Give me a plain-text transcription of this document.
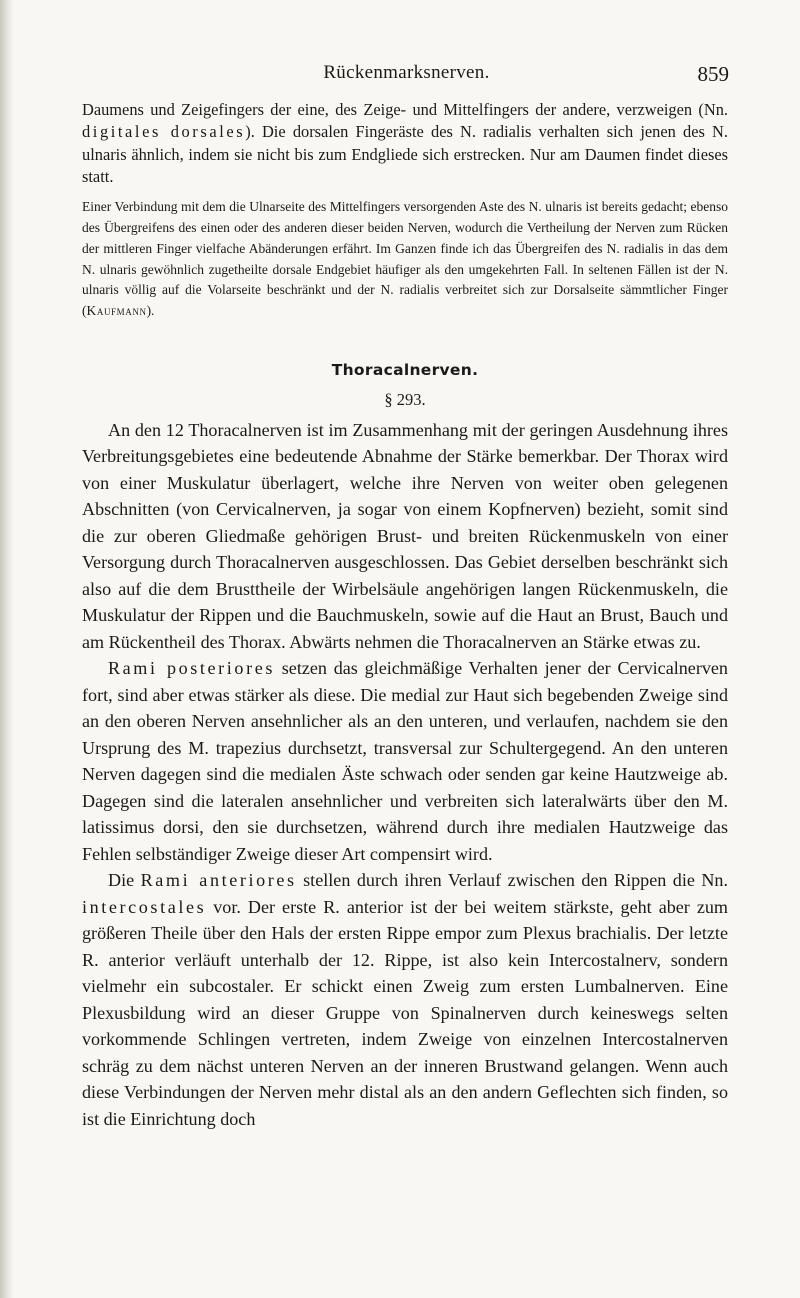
Rückenmarksnerven.	859

Daumens und Zeigefingers der eine, des Zeige- und Mittelfingers der andere, verzweigen (Nn. digitales dorsales). Die dorsalen Fingeräste des N. radialis verhalten sich jenen des N. ulnaris ähnlich, indem sie nicht bis zum Endgliede sich erstrecken. Nur am Daumen findet dieses statt.

Einer Verbindung mit dem die Ulnarseite des Mittelfingers versorgenden Aste des N. ulnaris ist bereits gedacht; ebenso des Übergreifens des einen oder des anderen dieser beiden Nerven, wodurch die Vertheilung der Nerven zum Rücken der mittleren Finger vielfache Abänderungen erfährt. Im Ganzen finde ich das Übergreifen des N. radialis in das dem N. ulnaris gewöhnlich zugetheilte dorsale Endgebiet häufiger als den umgekehrten Fall. In seltenen Fällen ist der N. ulnaris völlig auf die Volarseite beschränkt und der N. radialis verbreitet sich zur Dorsalseite sämmtlicher Finger (Kaufmann).

Thoracalnerven.
§ 293.

An den 12 Thoracalnerven ist im Zusammenhang mit der geringen Ausdehnung ihres Verbreitungsgebietes eine bedeutende Abnahme der Stärke bemerkbar. Der Thorax wird von einer Muskulatur überlagert, welche ihre Nerven von weiter oben gelegenen Abschnitten (von Cervicalnerven, ja sogar von einem Kopfnerven) bezieht, somit sind die zur oberen Gliedmaße gehörigen Brust- und breiten Rückenmuskeln von einer Versorgung durch Thoracalnerven ausgeschlossen. Das Gebiet derselben beschränkt sich also auf die dem Brusttheile der Wirbelsäule angehörigen langen Rückenmuskeln, die Muskulatur der Rippen und die Bauchmuskeln, sowie auf die Haut an Brust, Bauch und am Rückentheil des Thorax. Abwärts nehmen die Thoracalnerven an Stärke etwas zu.

Rami posteriores setzen das gleichmäßige Verhalten jener der Cervicalnerven fort, sind aber etwas stärker als diese. Die medial zur Haut sich begebenden Zweige sind an den oberen Nerven ansehnlicher als an den unteren, und verlaufen, nachdem sie den Ursprung des M. trapezius durchsetzt, transversal zur Schultergegend. An den unteren Nerven dagegen sind die medialen Äste schwach oder senden gar keine Hautzweige ab. Dagegen sind die lateralen ansehnlicher und verbreiten sich lateralwärts über den M. latissimus dorsi, den sie durchsetzen, während durch ihre medialen Hautzweige das Fehlen selbständiger Zweige dieser Art compensirt wird.

Die Rami anteriores stellen durch ihren Verlauf zwischen den Rippen die Nn. intercostales vor. Der erste R. anterior ist der bei weitem stärkste, geht aber zum größeren Theile über den Hals der ersten Rippe empor zum Plexus brachialis. Der letzte R. anterior verläuft unterhalb der 12. Rippe, ist also kein Intercostalnerv, sondern vielmehr ein subcostaler. Er schickt einen Zweig zum ersten Lumbalnerven. Eine Plexusbildung wird an dieser Gruppe von Spinalnerven durch keineswegs selten vorkommende Schlingen vertreten, indem Zweige von einzelnen Intercostalnerven schräg zu dem nächst unteren Nerven an der inneren Brustwand gelangen. Wenn auch diese Verbindungen der Nerven mehr distal als an den andern Geflechten sich finden, so ist die Einrichtung doch
